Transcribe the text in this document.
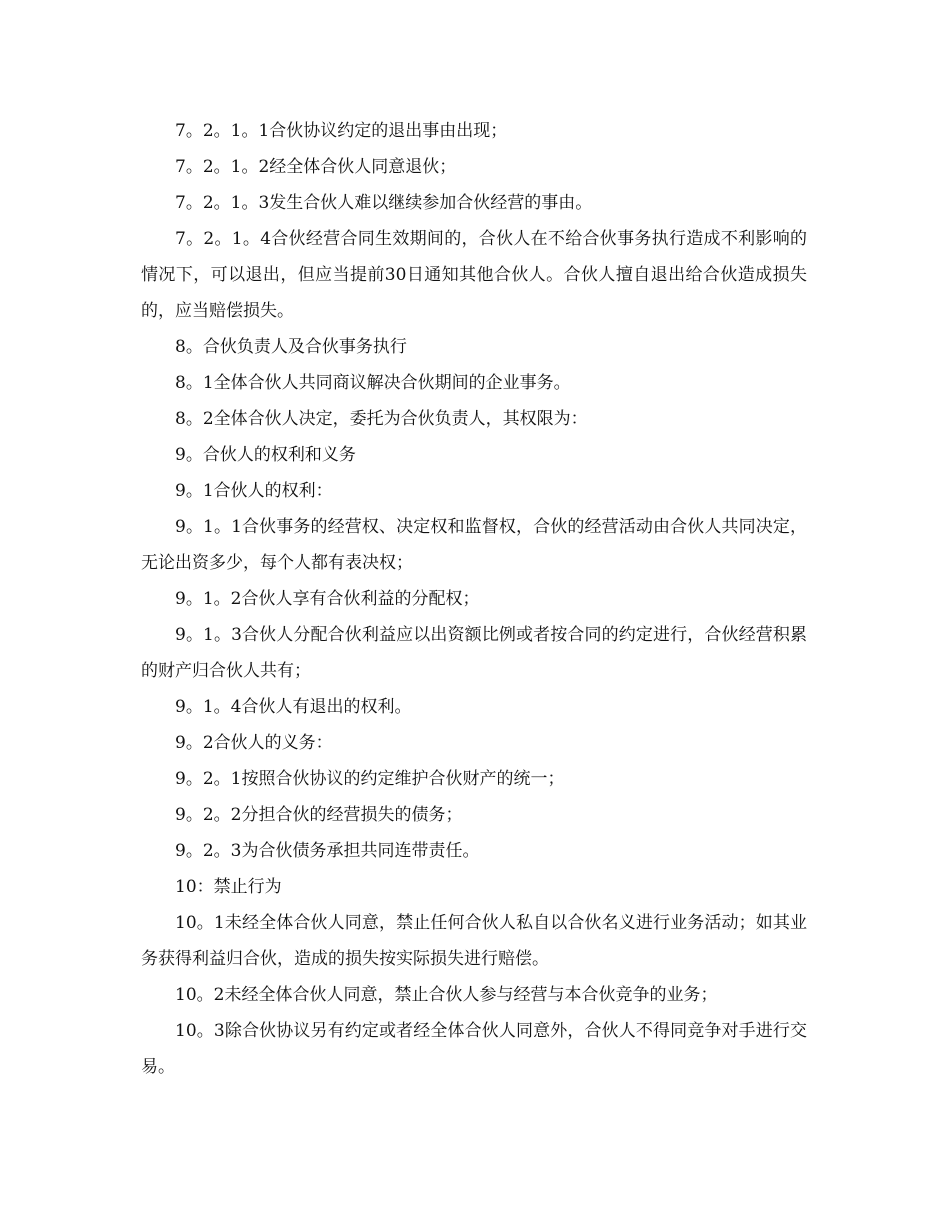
7。2。1。1合伙协议约定的退出事由出现；

7。2。1。2经全体合伙人同意退伙；

7。2。1。3发生合伙人难以继续参加合伙经营的事由。

7。2。1。4合伙经营合同生效期间的，合伙人在不给合伙事务执行造成不利影响的情况下，可以退出，但应当提前30日通知其他合伙人。合伙人擅自退出给合伙造成损失的，应当赔偿损失。

8。合伙负责人及合伙事务执行

8。1全体合伙人共同商议解决合伙期间的企业事务。

8。2全体合伙人决定，委托为合伙负责人，其权限为：

9。合伙人的权利和义务

9。1合伙人的权利：

9。1。1合伙事务的经营权、决定权和监督权，合伙的经营活动由合伙人共同决定，无论出资多少，每个人都有表决权；

9。1。2合伙人享有合伙利益的分配权；

9。1。3合伙人分配合伙利益应以出资额比例或者按合同的约定进行，合伙经营积累的财产归合伙人共有；

9。1。4合伙人有退出的权利。

9。2合伙人的义务：

9。2。1按照合伙协议的约定维护合伙财产的统一；

9。2。2分担合伙的经营损失的债务；

9。2。3为合伙债务承担共同连带责任。

10：禁止行为

10。1未经全体合伙人同意，禁止任何合伙人私自以合伙名义进行业务活动；如其业务获得利益归合伙，造成的损失按实际损失进行赔偿。

10。2未经全体合伙人同意，禁止合伙人参与经营与本合伙竞争的业务；

10。3除合伙协议另有约定或者经全体合伙人同意外，合伙人不得同竞争对手进行交易。
